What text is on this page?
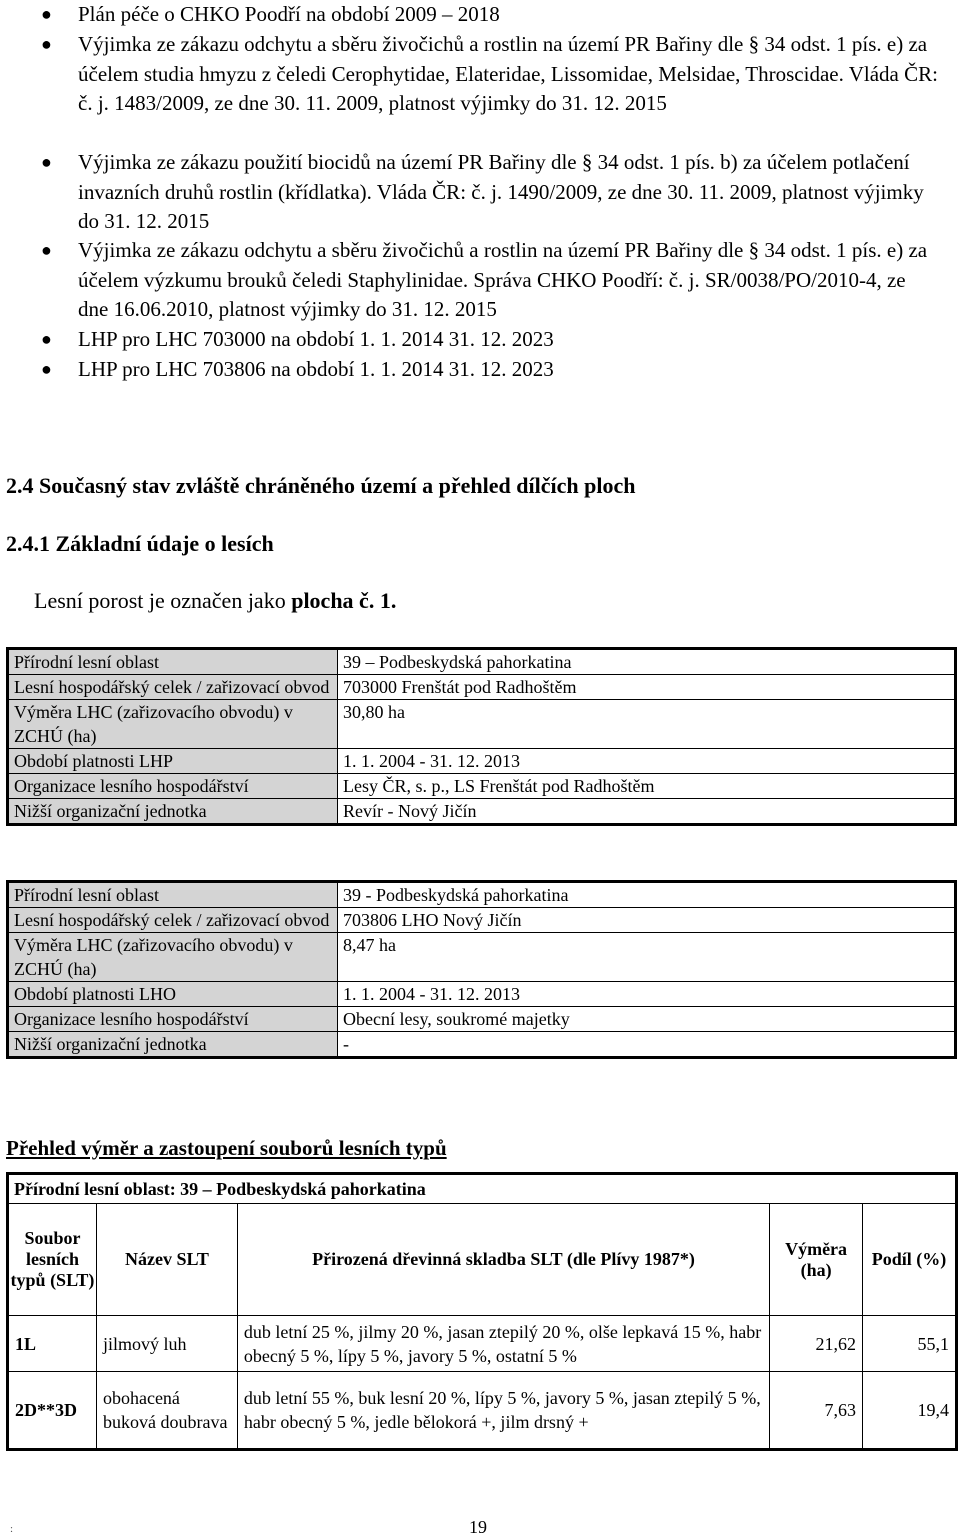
● Plán péče o CHKO Poodří na období 2009 – 2018
● Výjimka ze zákazu odchytu a sběru živočichů a rostlin na území PR Bařiny dle § 34 odst. 1 pís. e) za účelem studia hmyzu z čeledi Cerophytidae, Elateridae, Lissomidae, Melsidae, Throscidae. Vláda ČR: č. j. 1483/2009, ze dne 30. 11. 2009, platnost výjimky do 31. 12. 2015
● Výjimka ze zákazu použití biocidů na území PR Bařiny dle § 34 odst. 1 pís. b) za účelem potlačení invazních druhů rostlin (křídlatka). Vláda ČR: č. j. 1490/2009, ze dne 30. 11. 2009, platnost výjimky do 31. 12. 2015
● Výjimka ze zákazu odchytu a sběru živočichů a rostlin na území PR Bařiny dle § 34 odst. 1 pís. e) za účelem výzkumu brouků čeledi Staphylinidae. Správa CHKO Poodří: č. j. SR/0038/PO/2010-4, ze dne 16.06.2010, platnost výjimky do 31. 12. 2015
● LHP pro LHC 703000 na období 1. 1. 2014 31. 12. 2023
● LHP pro LHC 703806 na období 1. 1. 2014 31. 12. 2023
2.4 Současný stav zvláště chráněného území a přehled dílčích ploch
2.4.1 Základní údaje o lesích
Lesní porost je označen jako plocha č. 1.
Přírodní lesní oblast	39 – Podbeskydská pahorkatina
Lesní hospodářský celek / zařizovací obvod	703000 Frenštát pod Radhoštěm
Výměra LHC (zařizovacího obvodu) v ZCHÚ (ha)	30,80 ha
Období platnosti LHP	1. 1. 2004 - 31. 12. 2013
Organizace lesního hospodářství	Lesy ČR, s. p., LS Frenštát pod Radhoštěm
Nižší organizační jednotka	Revír - Nový Jičín
Přírodní lesní oblast	39 - Podbeskydská pahorkatina
Lesní hospodářský celek / zařizovací obvod	703806 LHO Nový Jičín
Výměra LHC (zařizovacího obvodu) v ZCHÚ (ha)	8,47 ha
Období platnosti LHO	1. 1. 2004 - 31. 12. 2013
Organizace lesního hospodářství	Obecní lesy, soukromé majetky
Nižší organizační jednotka	-
Přehled výměr a zastoupení souborů lesních typů
Přírodní lesní oblast: 39 – Podbeskydská pahorkatina				
Soubor lesních typů (SLT)	Název SLT	Přirozená dřevinná skladba SLT (dle Plívy 1987*)	Výměra (ha)	Podíl (%)
1L	jilmový luh	dub letní 25 %, jilmy 20 %, jasan ztepilý 20 %, olše lepkavá 15 %, habr obecný 5 %, lípy 5 %, javory 5 %, ostatní 5 %	21,62	55,1
2D**3D	obohacená buková doubrava	dub letní 55 %, buk lesní 20 %, lípy 5 %, javory 5 %, jasan ztepilý 5 %, habr obecný 5 %, jedle bělokorá +, jilm drsný +	7,63	19,4
:	19
